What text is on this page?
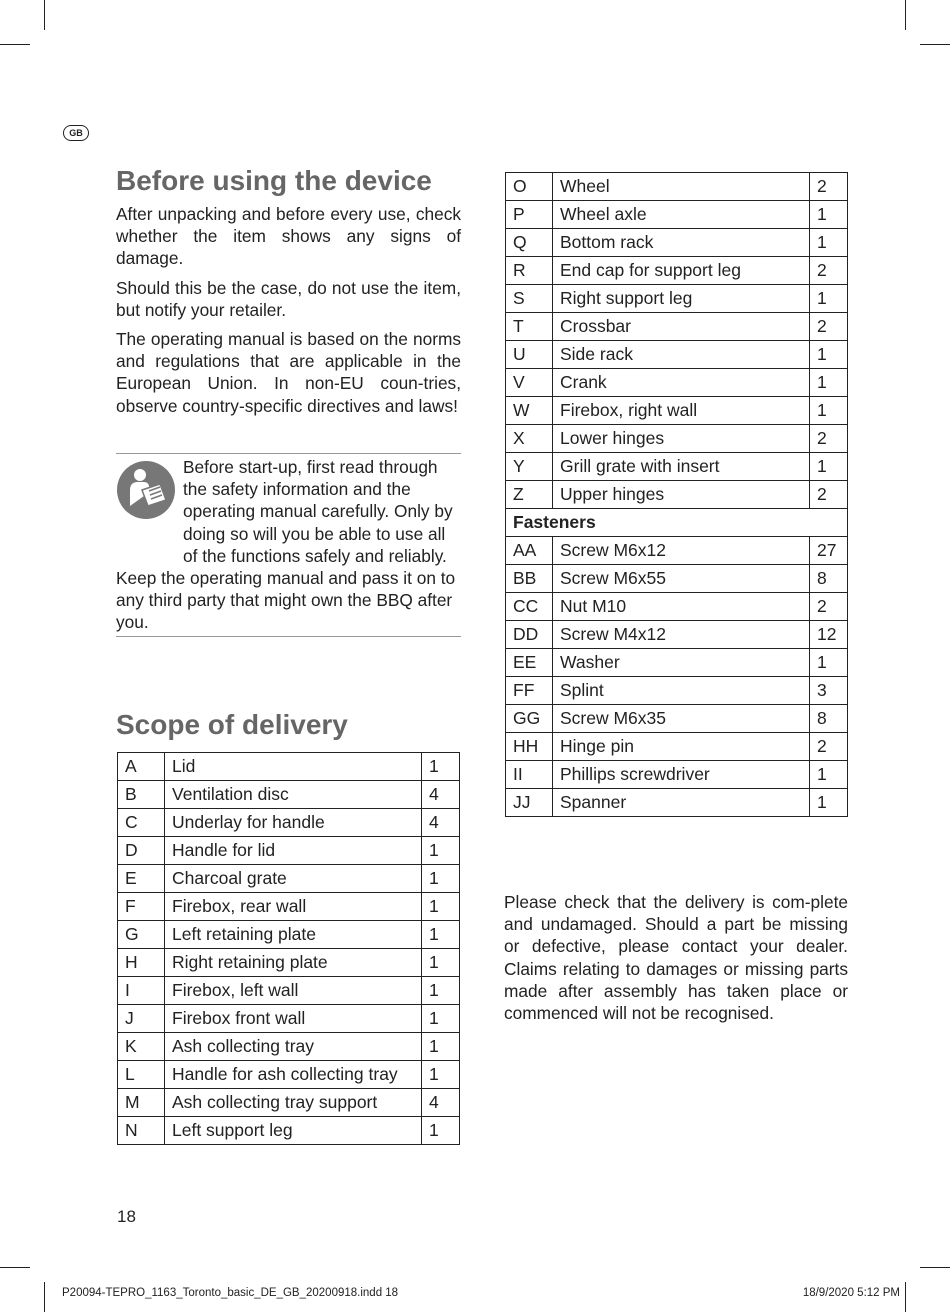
GB
Before using the device

After unpacking and before every use, check whether the item shows any signs of damage.

Should this be the case, do not use the item, but notify your retailer.

The operating manual is based on the norms and regulations that are applicable in the European Union. In non-EU coun-tries, observe country-specific directives and laws!

Before start-up, first read through the safety information and the operating manual carefully. Only by doing so will you be able to use all of the functions safely and reliably.

Keep the operating manual and pass it on to any third party that might own the BBQ after you.

Scope of delivery
A	Lid	1
B	Ventilation disc	4
C	Underlay for handle	4
D	Handle for lid	1
E	Charcoal grate	1
F	Firebox, rear wall	1
G	Left retaining plate	1
H	Right retaining plate	1
I	Firebox, left wall	1
J	Firebox front wall	1
K	Ash collecting tray	1
L	Handle for ash collecting tray	1
M	Ash collecting tray support	4
N	Left support leg	1
O	Wheel	2
P	Wheel axle	1
Q	Bottom rack	1
R	End cap for support leg	2
S	Right support leg	1
T	Crossbar	2
U	Side rack	1
V	Crank	1
W	Firebox, right wall	1
X	Lower hinges	2
Y	Grill grate with insert	1
Z	Upper hinges	2
Fasteners		
AA	Screw M6x12	27
BB	Screw M6x55	8
CC	Nut M10	2
DD	Screw M4x12	12
EE	Washer	1
FF	Splint	3
GG	Screw M6x35	8
HH	Hinge pin	2
II	Phillips screwdriver	1
JJ	Spanner	1

Please check that the delivery is com-plete and undamaged. Should a part be missing or defective, please contact your dealer. Claims relating to damages or missing parts made after assembly has taken place or commenced will not be recognised.

18
P20094-TEPRO_1163_Toronto_basic_DE_GB_20200918.indd 18	18/9/2020 5:12 PM
